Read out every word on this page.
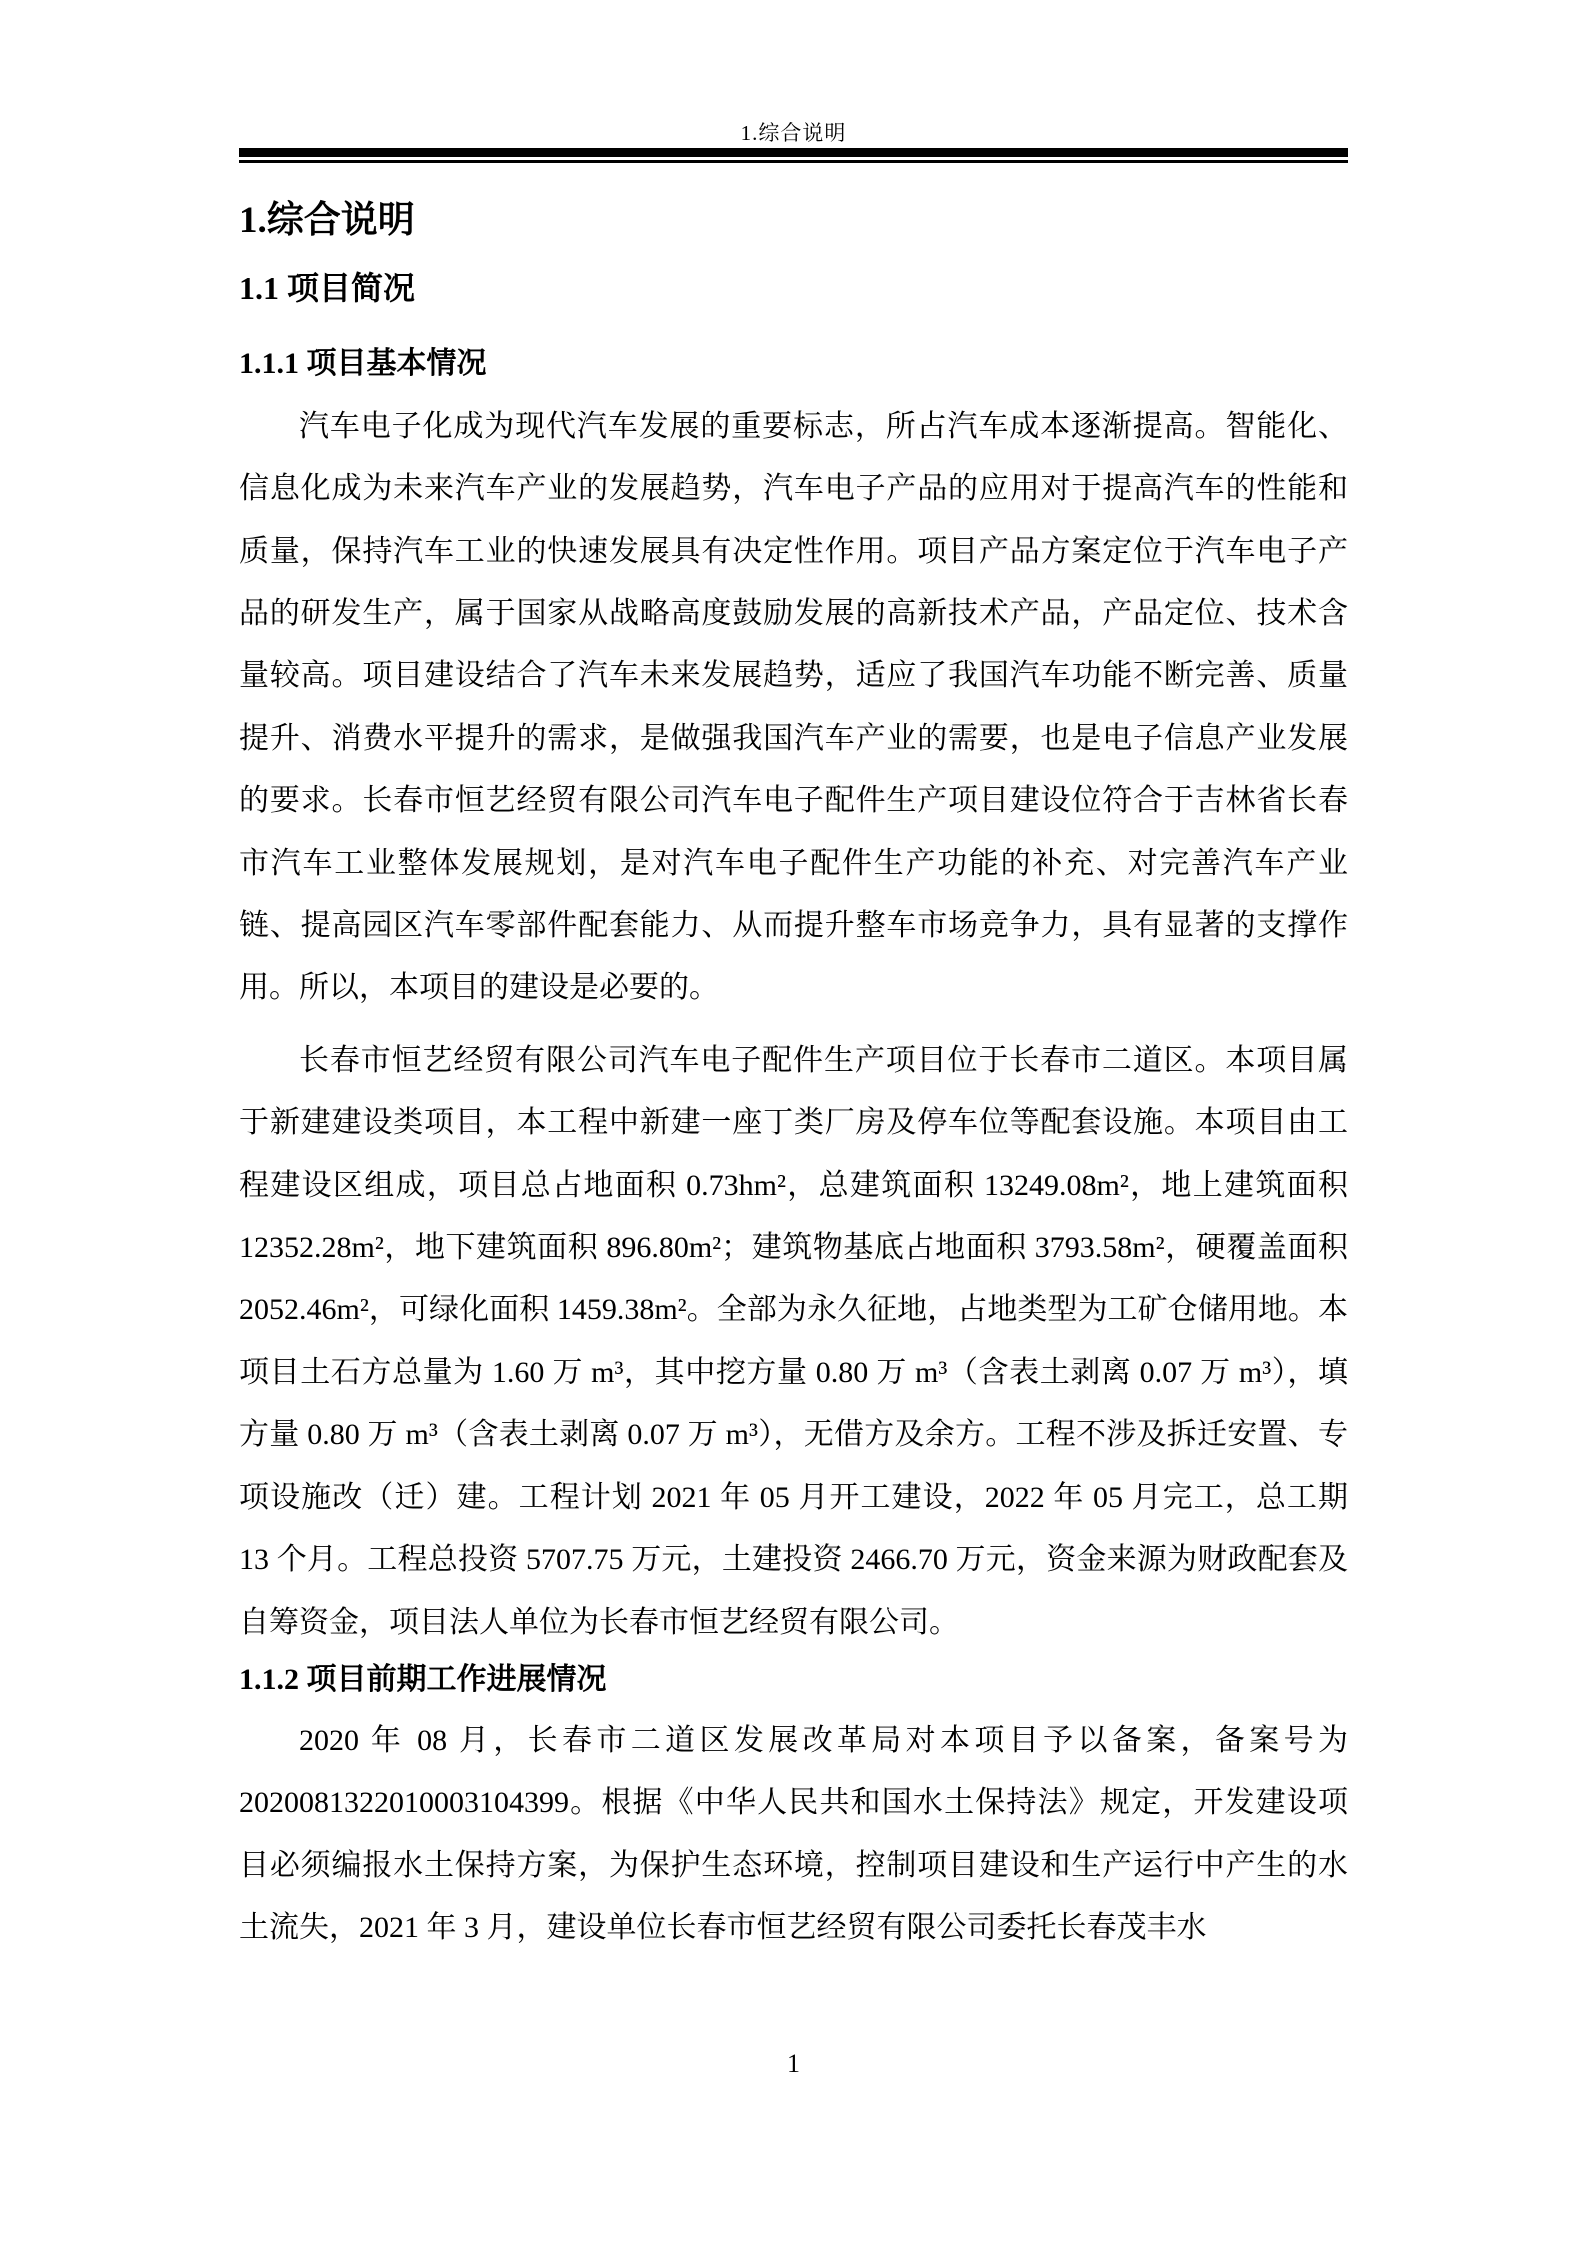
1.综合说明
1.综合说明
1.1 项目简况
1.1.1 项目基本情况

汽车电子化成为现代汽车发展的重要标志，所占汽车成本逐渐提高。智能化、信息化成为未来汽车产业的发展趋势，汽车电子产品的应用对于提高汽车的性能和质量，保持汽车工业的快速发展具有决定性作用。项目产品方案定位于汽车电子产品的研发生产，属于国家从战略高度鼓励发展的高新技术产品，产品定位、技术含量较高。项目建设结合了汽车未来发展趋势，适应了我国汽车功能不断完善、质量提升、消费水平提升的需求，是做强我国汽车产业的需要，也是电子信息产业发展的要求。长春市恒艺经贸有限公司汽车电子配件生产项目建设位符合于吉林省长春市汽车工业整体发展规划，是对汽车电子配件生产功能的补充、对完善汽车产业链、提高园区汽车零部件配套能力、从而提升整车市场竞争力，具有显著的支撑作用。所以，本项目的建设是必要的。

长春市恒艺经贸有限公司汽车电子配件生产项目位于长春市二道区。本项目属于新建建设类项目，本工程中新建一座丁类厂房及停车位等配套设施。本项目由工程建设区组成，项目总占地面积 0.73hm²，总建筑面积 13249.08m²，地上建筑面积 12352.28m²，地下建筑面积 896.80m²；建筑物基底占地面积 3793.58m²，硬覆盖面积 2052.46m²，可绿化面积 1459.38m²。全部为永久征地，占地类型为工矿仓储用地。本项目土石方总量为 1.60 万 m³，其中挖方量 0.80 万 m³（含表土剥离 0.07 万 m³），填方量 0.80 万 m³（含表土剥离 0.07 万 m³），无借方及余方。工程不涉及拆迁安置、专项设施改（迁）建。工程计划 2021 年 05 月开工建设，2022 年 05 月完工，总工期 13 个月。工程总投资 5707.75 万元，土建投资 2466.70 万元，资金来源为财政配套及自筹资金，项目法人单位为长春市恒艺经贸有限公司。

1.1.2 项目前期工作进展情况

2020 年 08 月，长春市二道区发展改革局对本项目予以备案，备案号为 2020081322010003104399。根据《中华人民共和国水土保持法》规定，开发建设项目必须编报水土保持方案，为保护生态环境，控制项目建设和生产运行中产生的水土流失，2021 年 3 月，建设单位长春市恒艺经贸有限公司委托长春茂丰水

1
